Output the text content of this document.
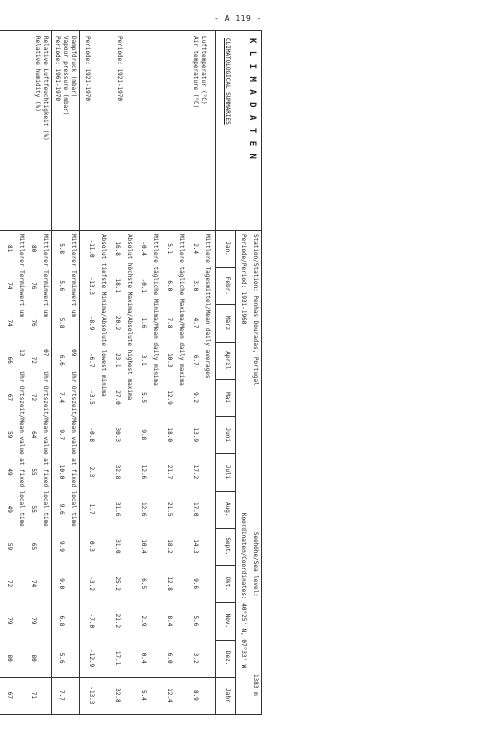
- A 119 -
Station/Station: Penhas Douradas, Portugal
Periode/Period: 1931-1960
Seehöhe/Sea level:
1383 m
Koordinaten/Coordinates: 40°25' N, 07°33' W
K L I M A D A T E N
CLIMATOLOGICAL SUMMARIES
Jan.
Febr.
März
April
Mai
Juni
Juli
Aug.
Sept.
Okt.
Nov.
Dez.
Jahr
Lufttemperatur (°C)
Air temperature (°C)
Mittlere Tagesmittel/Mean daily averages
2.4
3.0
4.7
6.7
9.2
13.9
17.2
17.0
14.3
9.6
5.6
3.2
8.9
Mittlere tägliche Maxima/Mean daily maxima
5.1
6.0
7.8
10.3
12.9
18.0
21.7
21.5
18.2
12.8
8.4
6.0
12.4
Mittlere tägliche Minima/Mean daily minima
-0.4
-0.1
1.6
3.1
5.5
9.8
12.6
12.6
10.4
6.5
2.9
0.4
5.4
Absolut höchste Maxima/Absolute highest maxima
16.8
18.1
20.2
23.1
27.0
30.3
32.8
31.6
31.0
25.2
21.2
17.1
32.8
Absolut tiefste Minima/Absolute lowest minima
-11.0
-13.3
-8.9
-6.7
-3.5
-0.8
2.3
1.7
0.3
-3.2
-7.0
-12.9
-13.3
Periode: 1921-1970
Periode: 1921-1970
Dampfdruck (mbar)
Vapour pressure (mbar)
Periode: 1961-1970
Mittlerer Terminwert um
09
Uhr Ortszeit/Mean value at fixed local time
5.8
5.6
5.8
6.6
7.4
9.7
10.0
9.6
9.9
9.0
6.8
5.6
7.7
Relative Luftfeuchtigkeit (%)
Relative humidity (%)
Mittlerer Terminwert um
07
Uhr Ortszeit/Mean value at fixed local time
80
76
76
72
72
64
55
55
65
74
79
80
71
Mittlerer Terminwert um
13
Uhr Ortszeit/Mean value at fixed local time
81
74
74
66
67
59
49
49
59
72
79
80
67
